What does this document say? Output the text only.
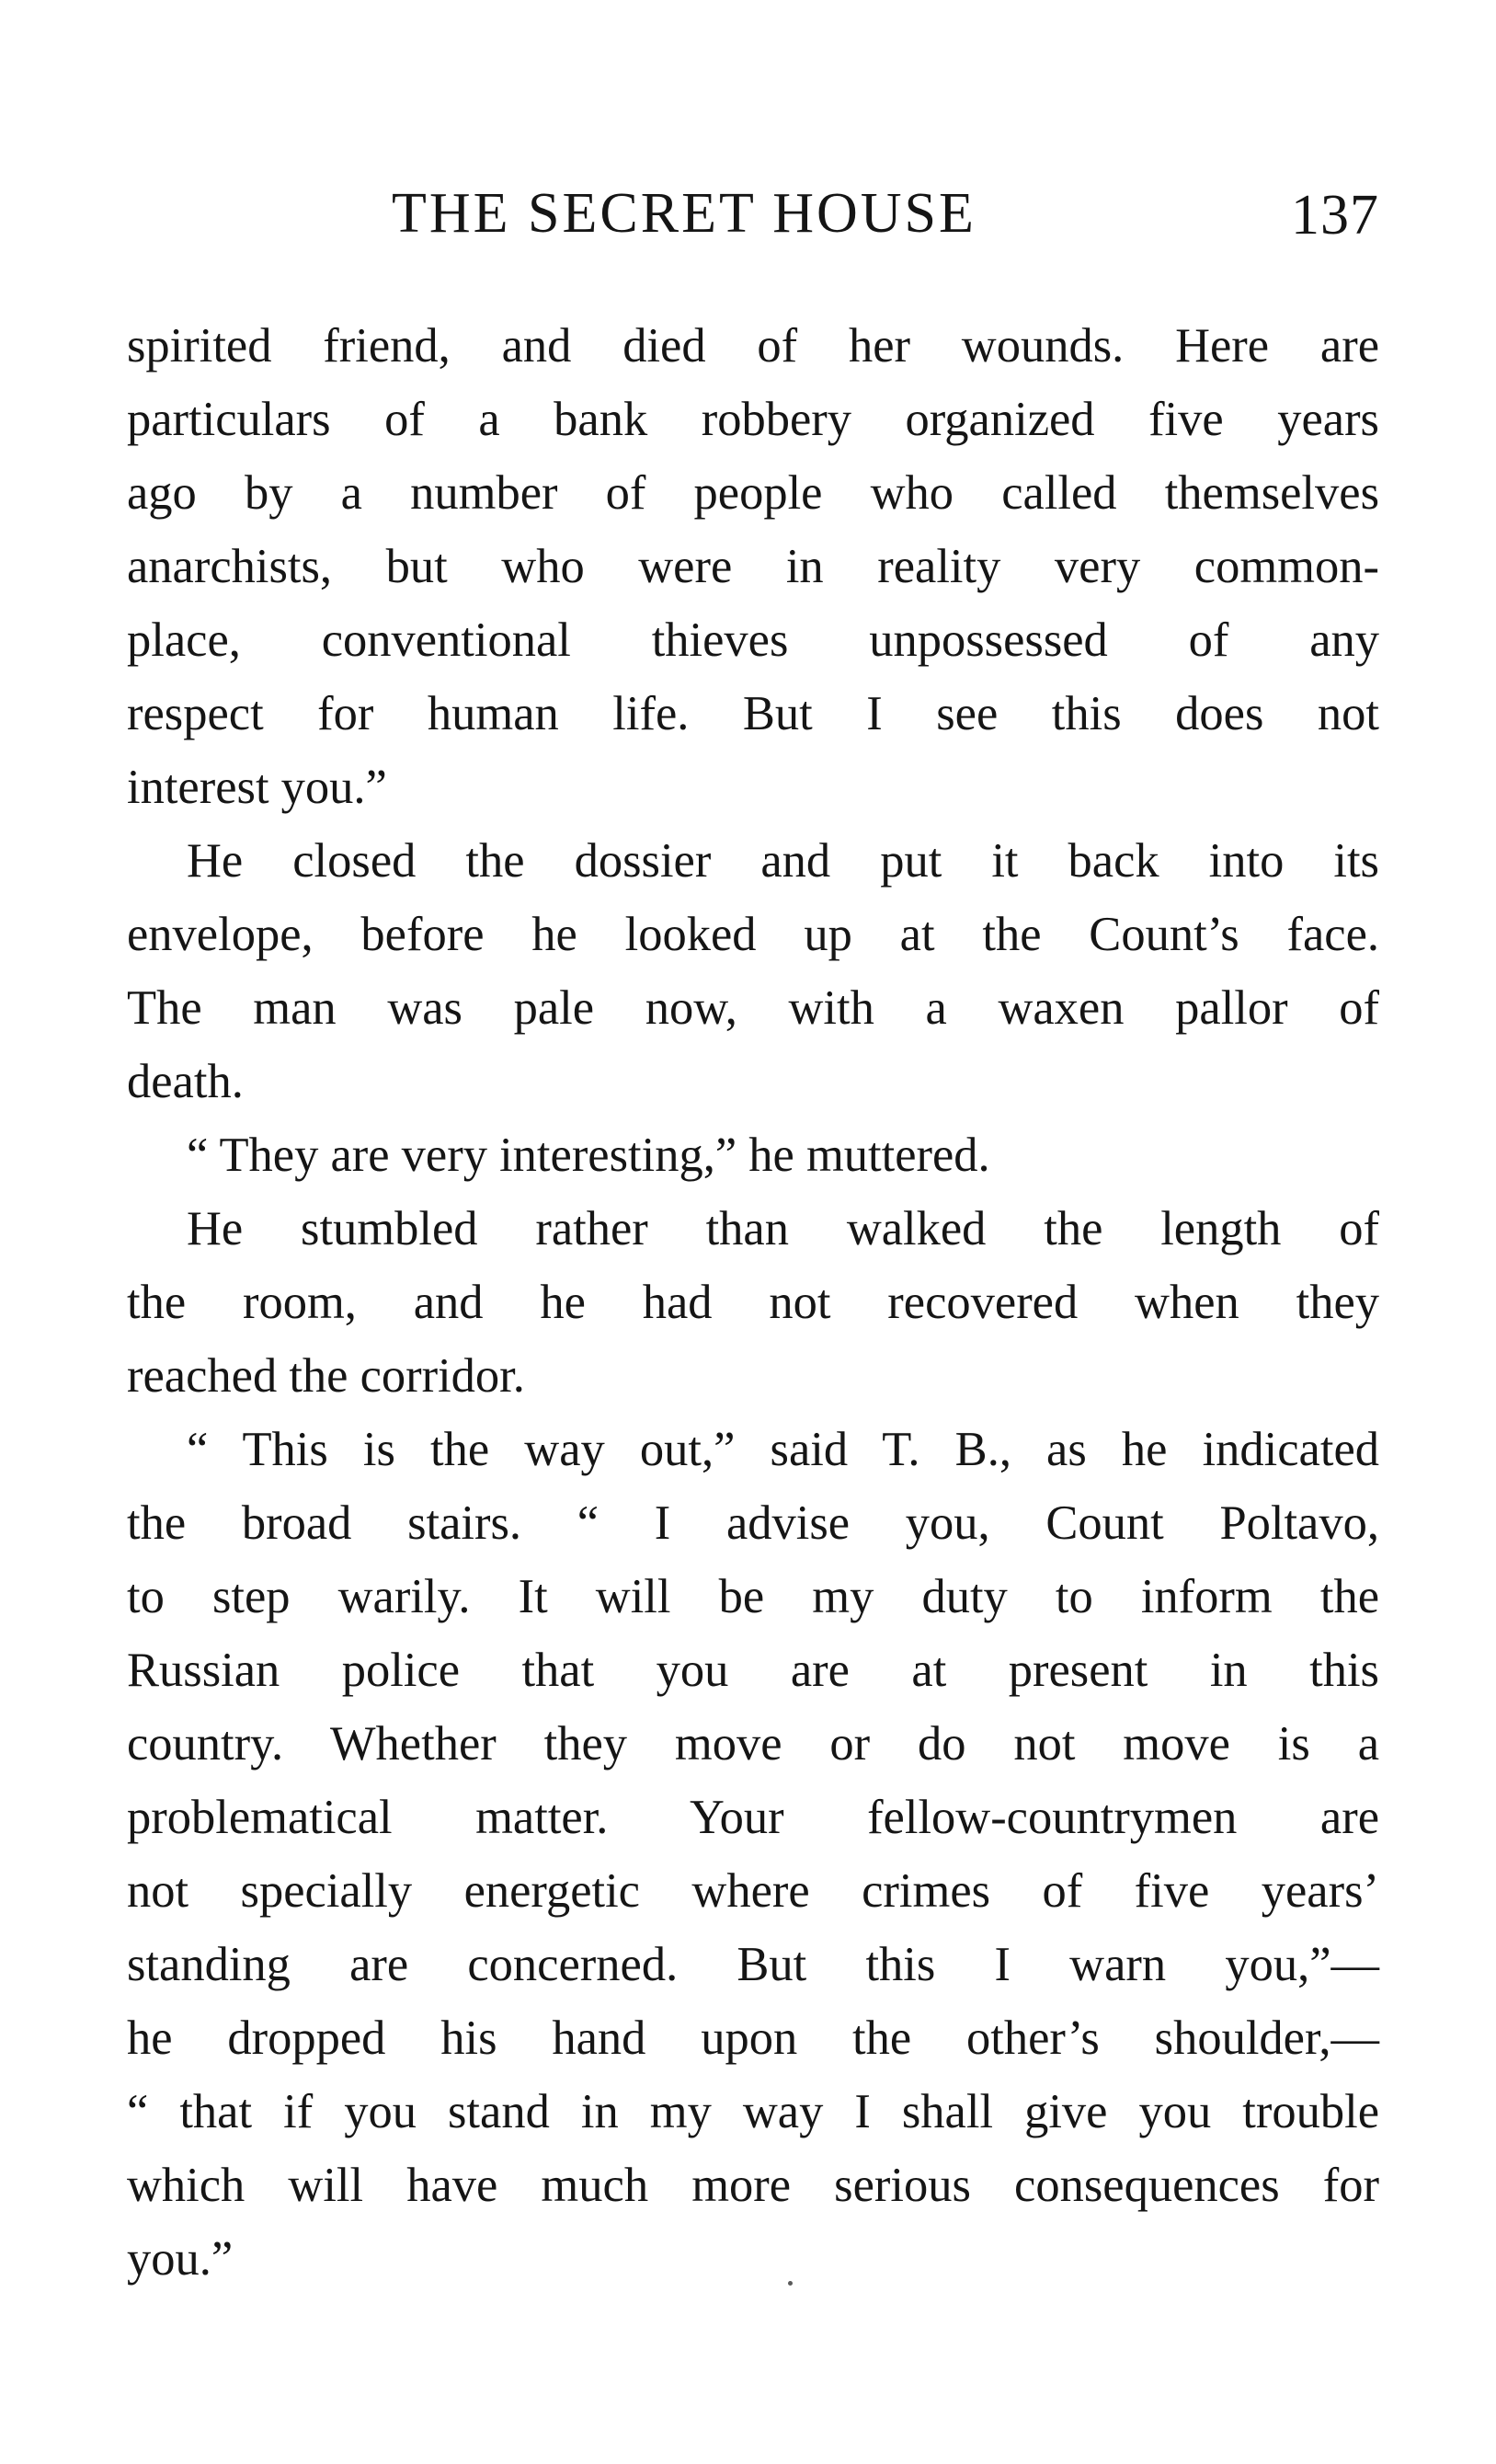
THE SECRET HOUSE	137
spirited friend, and died of her wounds. Here are
particulars of a bank robbery organized five years
ago by a number of people who called themselves
anarchists, but who were in reality very common-
place, conventional thieves unpossessed of any
respect for human life. But I see this does not
interest you.”
He closed the dossier and put it back into its
envelope, before he looked up at the Count’s face.
The man was pale now, with a waxen pallor of
death.
“ They are very interesting,” he muttered.
He stumbled rather than walked the length of
the room, and he had not recovered when they
reached the corridor.
“ This is the way out,” said T. B., as he indicated
the broad stairs. “ I advise you, Count Poltavo,
to step warily. It will be my duty to inform the
Russian police that you are at present in this
country. Whether they move or do not move is a
problematical matter. Your fellow-countrymen are
not specially energetic where crimes of five years’
standing are concerned. But this I warn you,”—
he dropped his hand upon the other’s shoulder,—
“ that if you stand in my way I shall give you trouble
which will have much more serious consequences for
you.”
